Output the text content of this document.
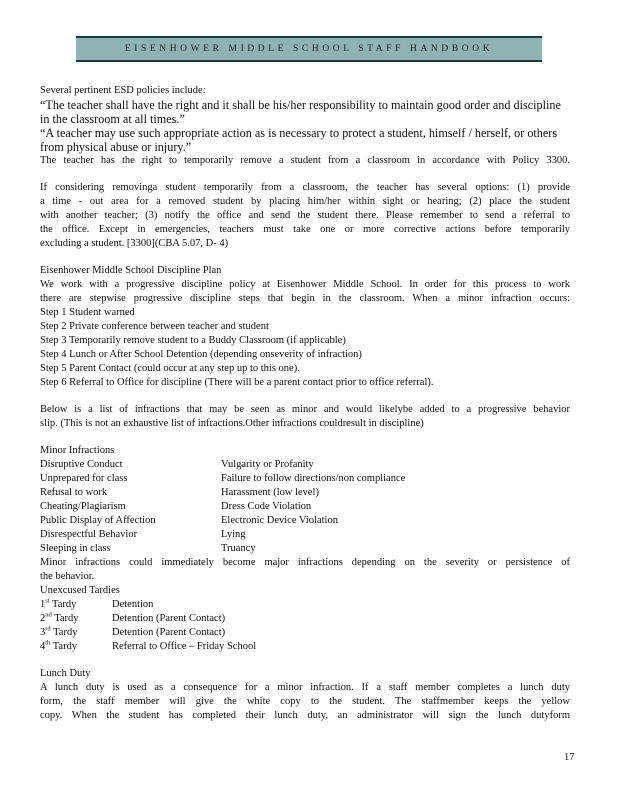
EISENHOWER MIDDLE SCHOOL STAFF HANDBOOK

Several pertinent ESD policies include:

“The teacher shall have the right and it shall be his/her responsibility to maintain good order and discipline

in the classroom at all times.”

“A teacher may use such appropriate action as is necessary to protect a student, himself / herself, or others

from physical abuse or injury.”

The teacher has the right to temporarily remove a student from a classroom in accordance with Policy 3300.

If considering removinga student temporarily from a classroom, the teacher has several options: (1) provide

a time - out area for a removed student by placing him/her within sight or hearing; (2) place the student

with another teacher; (3) notify the office and send the student there. Please remember to send a referral to

the office. Except in emergencies, teachers must take one or more corrective actions before temporarily

excluding a student. [3300](CBA 5.07, D- 4)

Eisenhower Middle School Discipline Plan

We work with a progressive discipline policy at Eisenhower Middle School. In order for this process to work

there are stepwise progressive discipline steps that begin in the classroom. When a minor infraction occurs:

Step 1 Student warned

Step 2 Private conference between teacher and student

Step 3 Temporarily remove student to a Buddy Classroom (if applicable)

Step 4 Lunch or After School Detention (depending onseverity of infraction)

Step 5 Parent Contact (could occur at any step up to this one).

Step 6 Referral to Office for discipline (There will be a parent contact prior to office referral).

Below is a list of infractions that may be seen as minor and would likelybe added to a progressive behavior

slip. (This is not an exhaustive list of infractions.Other infractions couldresult in discipline)

Minor Infractions

Disruptive Conduct	Vulgarity or Profanity
Unprepared for class	Failure to follow directions/non compliance
Refusal to work	Harassment (low level)
Cheating/Plagiarism	Dress Code Violation
Public Display of Affection	Electronic Device Violation
Disrespectful Behavior	Lying
Sleeping in class	Truancy

Minor infractions could immediately become major infractions depending on the severity or persistence of

the behavior.

Unexcused Tardies

1st Tardy	Detention
2nd Tardy	Detention (Parent Contact)
3rd Tardy	Detention (Parent Contact)
4th Tardy	Referral to Office – Friday School

Lunch Duty

A lunch duty is used as a consequence for a minor infraction. If a staff member completes a lunch duty

form, the staff member will give the white copy to the student. The staffmember keeps the yellow

copy. When the student has completed their lunch duty, an administrator will sign the lunch dutyform

17
